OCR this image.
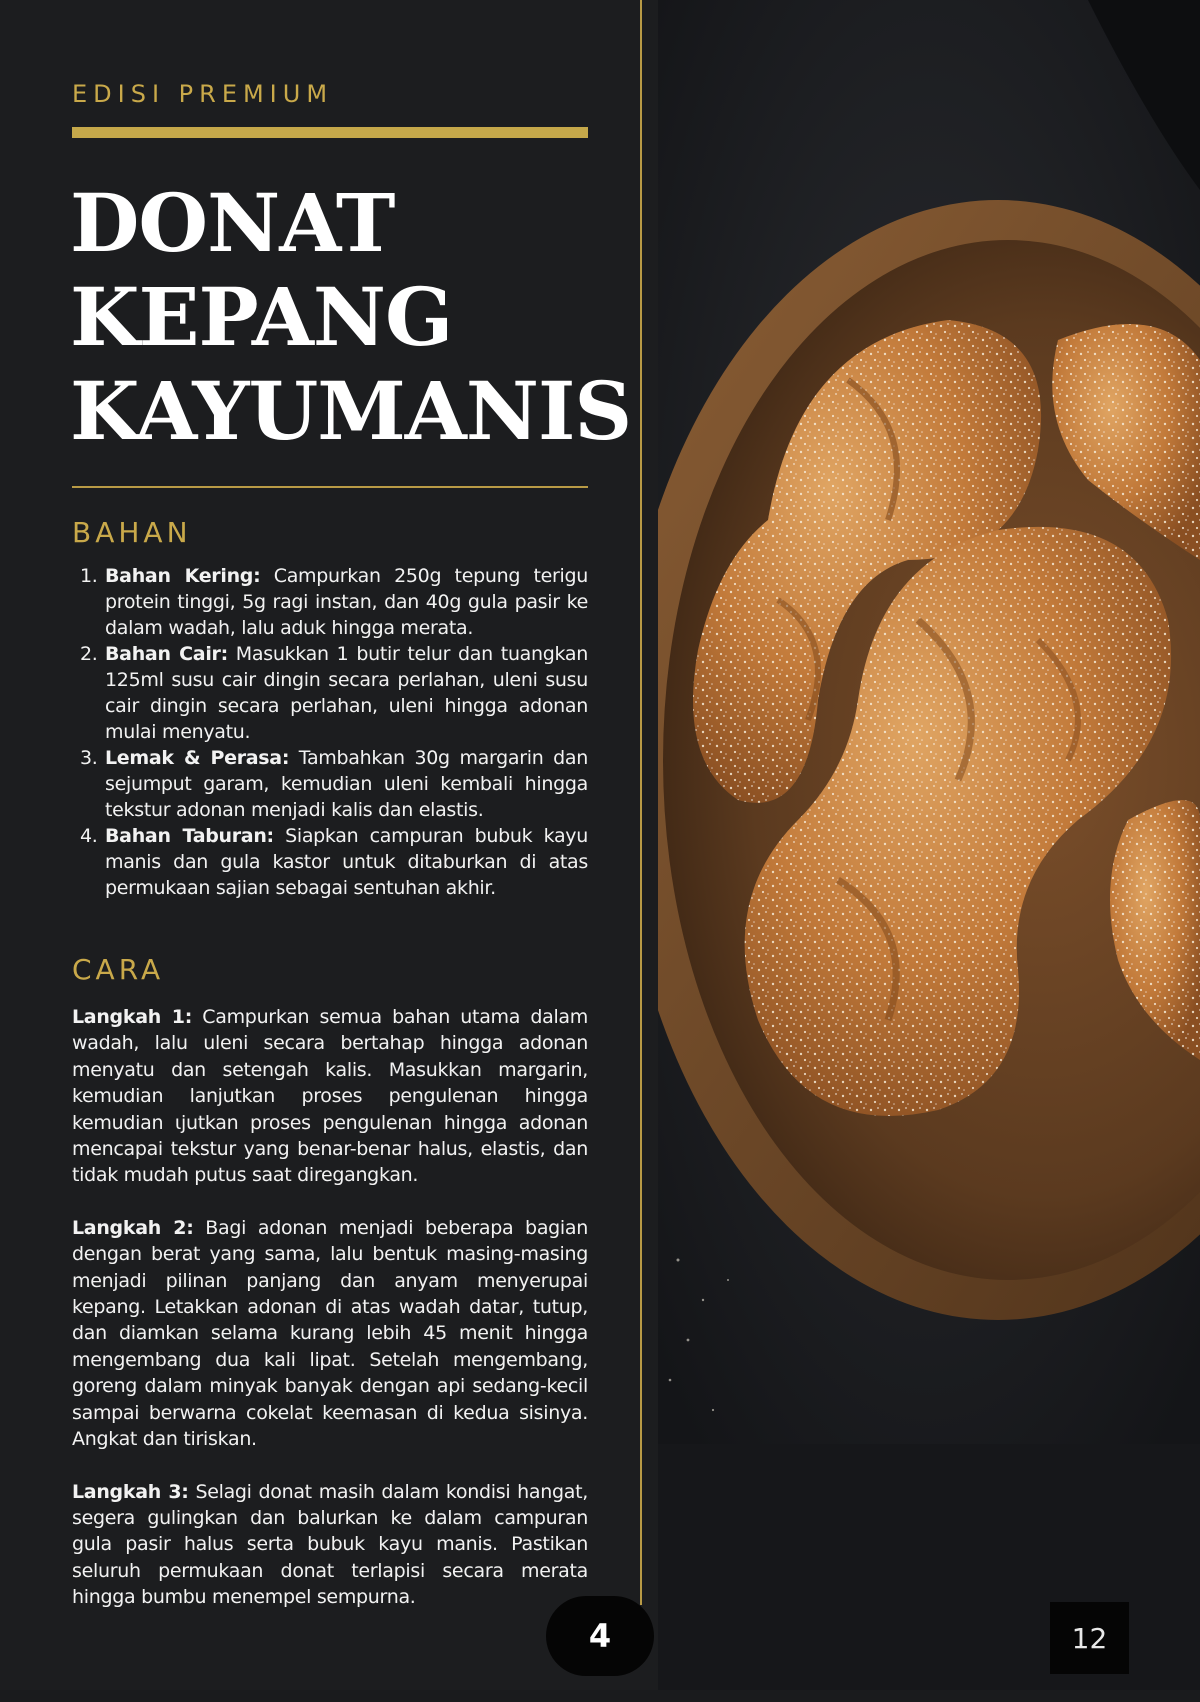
EDISI PREMIUM
DONAT
KEPANG
KAYUMANIS
BAHAN
1. Bahan Kering: Campurkan 250g tepung terigu protein tinggi, 5g ragi instan, dan 40g gula pasir ke dalam wadah, lalu aduk hingga merata.
2. Bahan Cair: Masukkan 1 butir telur dan tuangkan 125ml susu cair dingin secara perlahan, uleni susu cair dingin secara perlahan, uleni hingga adonan mulai menyatu.
3. Lemak & Perasa: Tambahkan 30g margarin dan sejumput garam, kemudian uleni kembali hingga tekstur adonan menjadi kalis dan elastis.
4. Bahan Taburan: Siapkan campuran bubuk kayu manis dan gula kastor untuk ditaburkan di atas permukaan sajian sebagai sentuhan akhir.
CARA

Langkah 1: Campurkan semua bahan utama dalam wadah, lalu uleni secara bertahap hingga adonan menyatu dan setengah kalis. Masukkan margarin, kemudian lanjutkan proses pengulenan hingga kemudian ɩjutkan proses pengulenan hingga adonan mencapai tekstur yang benar-benar halus, elastis, dan tidak mudah putus saat diregangkan.

Langkah 2: Bagi adonan menjadi beberapa bagian dengan berat yang sama, lalu bentuk masing-masing menjadi pilinan panjang dan anyam menyerupai kepang. Letakkan adonan di atas wadah datar, tutup, dan diamkan selama kurang lebih 45 menit hingga mengembang dua kali lipat. Setelah mengembang, goreng dalam minyak banyak dengan api sedang-kecil sampai berwarna cokelat keemasan di kedua sisinya. Angkat dan tiriskan.

Langkah 3: Selagi donat masih dalam kondisi hangat, segera gulingkan dan balurkan ke dalam campuran gula pasir halus serta bubuk kayu manis. Pastikan seluruh permukaan donat terlapisi secara merata hingga bumbu menempel sempurna.

4	12
